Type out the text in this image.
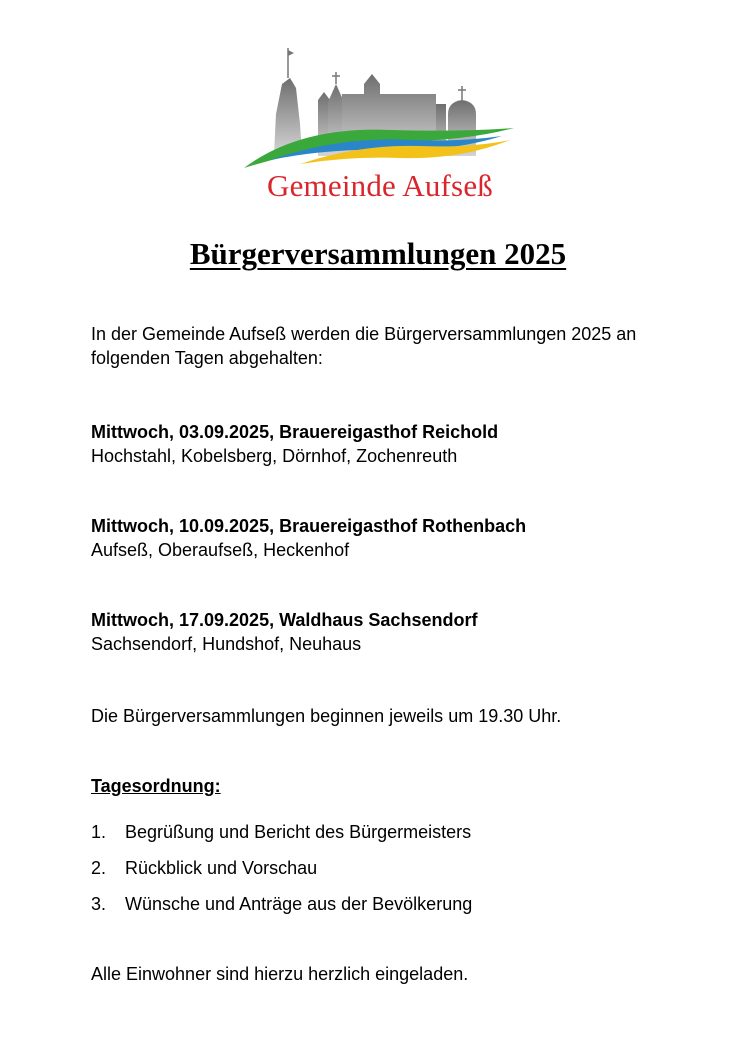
Gemeinde Aufseß
Bürgerversammlungen 2025
In der Gemeinde Aufseß werden die Bürgerversammlungen 2025 an folgenden Tagen abgehalten:
Mittwoch, 03.09.2025, Brauereigasthof Reichold
Hochstahl, Kobelsberg, Dörnhof, Zochenreuth
Mittwoch, 10.09.2025, Brauereigasthof Rothenbach
Aufseß, Oberaufseß, Heckenhof
Mittwoch, 17.09.2025, Waldhaus Sachsendorf
Sachsendorf, Hundshof, Neuhaus
Die Bürgerversammlungen beginnen jeweils um 19.30 Uhr.
Tagesordnung:
1.	Begrüßung und Bericht des Bürgermeisters
2.	Rückblick und Vorschau
3.	Wünsche und Anträge aus der Bevölkerung
Alle Einwohner sind hierzu herzlich eingeladen.
